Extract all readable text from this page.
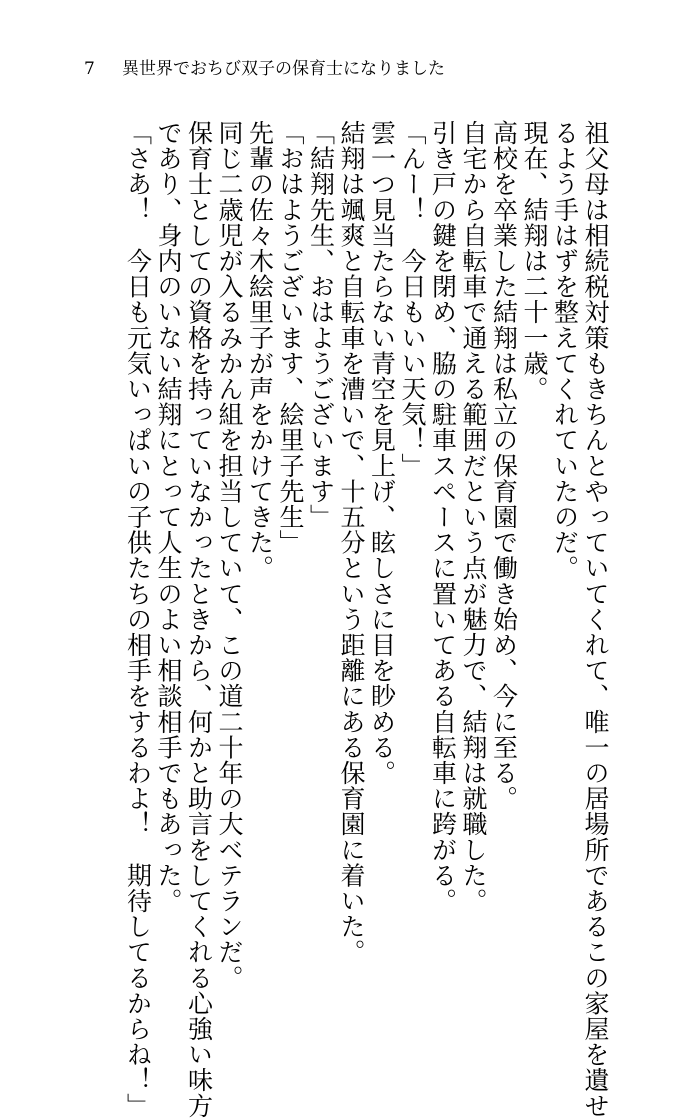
7 異世界でおちび双子の保育士になりました

祖父母は相続税対策もきちんとやっていてくれて、唯一の居場所であるこの家屋を遺せ

るよう手はずを整えてくれていたのだ。

現在、結翔は二十一歳。

高校を卒業した結翔は私立の保育園で働き始め、今に至る。

自宅から自転車で通える範囲だという点が魅力で、結翔は就職した。

引き戸の鍵を閉め、脇の駐車スペースに置いてある自転車に跨がる。

「んー！　今日もいい天気！」

雲一つ見当たらない青空を見上げ、眩しさに目を眇める。

結翔は颯爽と自転車を漕いで、十五分という距離にある保育園に着いた。

「結翔先生、おはようございます」

「おはようございます、絵里子先生」

先輩の佐々木絵里子が声をかけてきた。

同じ二歳児が入るみかん組を担当していて、この道二十年の大ベテランだ。

保育士としての資格を持っていなかったときから、何かと助言をしてくれる心強い味方

であり、身内のいない結翔にとって人生のよい相談相手でもあった。

「さあ！　今日も元気いっぱいの子供たちの相手をするわよ！　期待してるからね！」
